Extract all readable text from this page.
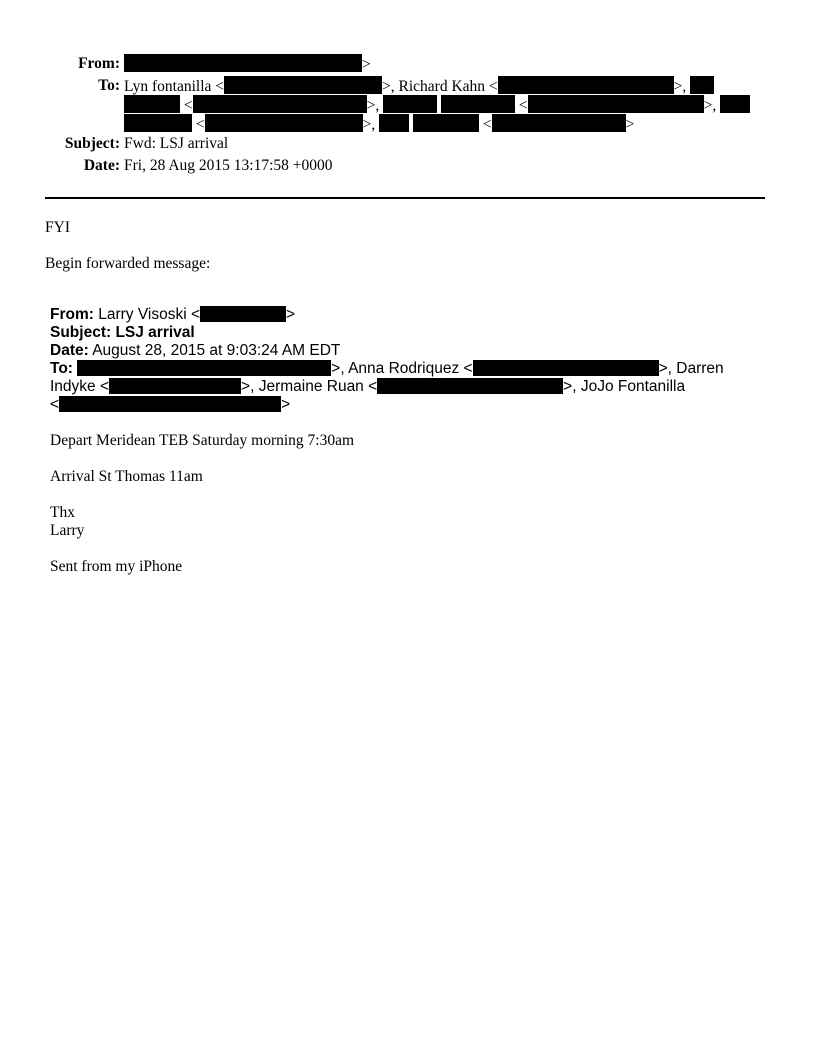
From:	>
To: Lyn fontanilla <	>, Richard Kahn <	>,
<	>,	<	>,
<	>,	<	>
Subject: Fwd: LSJ arrival
Date: Fri, 28 Aug 2015 13:17:58 +0000
FYI
Begin forwarded message:
From: Larry Visoski <	>
Subject: LSJ arrival
Date: August 28, 2015 at 9:03:24 AM EDT
To:	>, Anna Rodriquez <	>, Darren
Indyke <	>, Jermaine Ruan <	>, JoJo Fontanilla
<	>
Depart Meridean TEB Saturday morning 7:30am
Arrival St Thomas 11am
Thx
Larry
Sent from my iPhone
